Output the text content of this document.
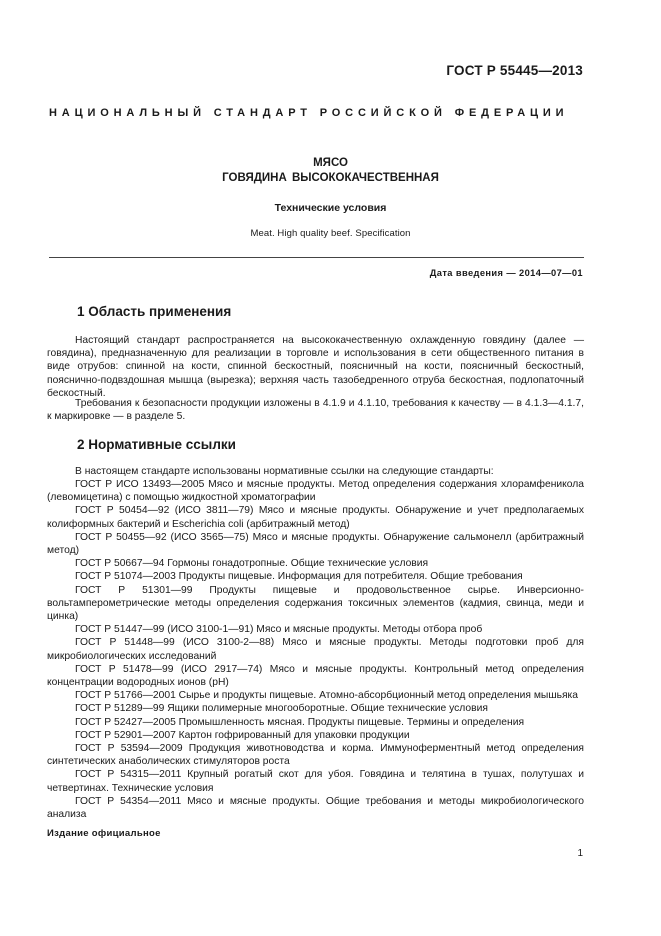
ГОСТ Р 55445—2013
НАЦИОНАЛЬНЫЙ СТАНДАРТ РОССИЙСКОЙ ФЕДЕРАЦИИ
МЯСО
ГОВЯДИНА ВЫСОКОКАЧЕСТВЕННАЯ
Технические условия
Meat. High quality beef. Specification
Дата введения — 2014—07—01
1 Область применения

Настоящий стандарт распространяется на высококачественную охлажденную говядину (далее — говядина), предназначенную для реализации в торговле и использования в сети общественного питания в виде отрубов: спинной на кости, спинной бескостный, поясничный на кости, поясничный бескостный, пояснично-подвздошная мышца (вырезка); верхняя часть тазобедренного отруба бескостная, подлопаточный бескостный.

Требования к безопасности продукции изложены в 4.1.9 и 4.1.10, требования к качеству — в 4.1.3—4.1.7, к маркировке — в разделе 5.

2 Нормативные ссылки

В настоящем стандарте использованы нормативные ссылки на следующие стандарты:

ГОСТ Р ИСО 13493—2005 Мясо и мясные продукты. Метод определения содержания хлорамфеникола (левомицетина) с помощью жидкостной хроматографии

ГОСТ Р 50454—92 (ИСО 3811—79) Мясо и мясные продукты. Обнаружение и учет предполагаемых колиформных бактерий и Escherichia coli (арбитражный метод)

ГОСТ Р 50455—92 (ИСО 3565—75) Мясо и мясные продукты. Обнаружение сальмонелл (арбитражный метод)

ГОСТ Р 50667—94 Гормоны гонадотропные. Общие технические условия

ГОСТ Р 51074—2003 Продукты пищевые. Информация для потребителя. Общие требования

ГОСТ Р 51301—99 Продукты пищевые и продовольственное сырье. Инверсионно-вольтамперометрические методы определения содержания токсичных элементов (кадмия, свинца, меди и цинка)

ГОСТ Р 51447—99 (ИСО 3100-1—91) Мясо и мясные продукты. Методы отбора проб

ГОСТ Р 51448—99 (ИСО 3100-2—88) Мясо и мясные продукты. Методы подготовки проб для микробиологических исследований

ГОСТ Р 51478—99 (ИСО 2917—74) Мясо и мясные продукты. Контрольный метод определения концентрации водородных ионов (рН)

ГОСТ Р 51766—2001 Сырье и продукты пищевые. Атомно-абсорбционный метод определения мышьяка

ГОСТ Р 51289—99 Ящики полимерные многооборотные. Общие технические условия

ГОСТ Р 52427—2005 Промышленность мясная. Продукты пищевые. Термины и определения

ГОСТ Р 52901—2007 Картон гофрированный для упаковки продукции

ГОСТ Р 53594—2009 Продукция животноводства и корма. Иммуноферментный метод определения синтетических анаболических стимуляторов роста

ГОСТ Р 54315—2011 Крупный рогатый скот для убоя. Говядина и телятина в тушах, полутушах и четвертинах. Технические условия

ГОСТ Р 54354—2011 Мясо и мясные продукты. Общие требования и методы микробиологического анализа

Издание официальное
1
